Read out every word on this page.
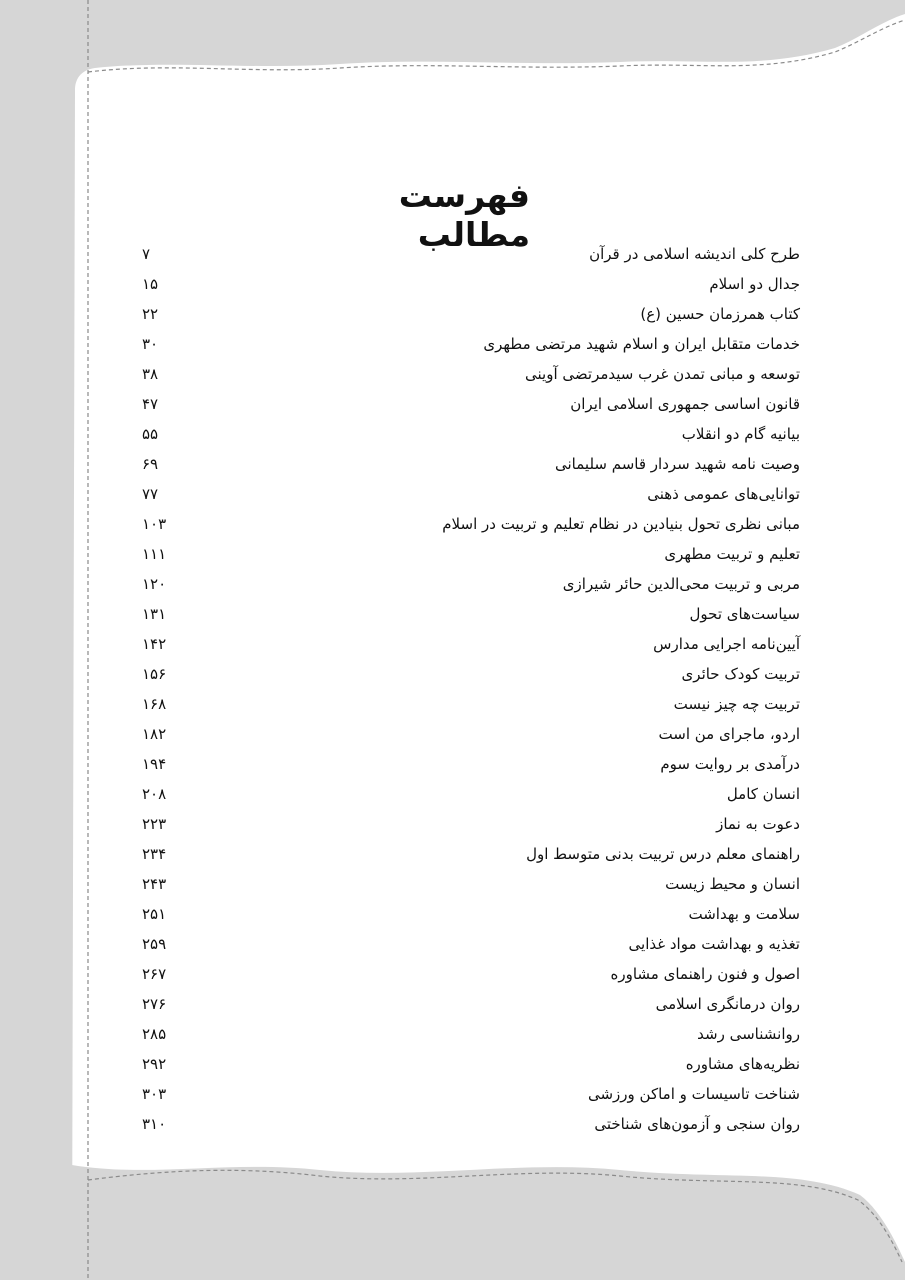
فهرست مطالب	طرح کلی اندیشه اسلامی در قرآن
۷
جدال دو اسلام
۱۵
کتاب همرزمان حسین (ع)
۲۲
خدمات متقابل ایران و اسلام شهید مرتضی مطهری
۳۰
توسعه و مبانی تمدن غرب سیدمرتضی آوینی
۳۸
قانون اساسی جمهوری اسلامی ایران
۴۷
بیانیه گام دو انقلاب
۵۵
وصیت نامه شهید سردار قاسم سلیمانی
۶۹
توانایی‌های عمومی ذهنی
۷۷
مبانی نظری تحول بنیادین در نظام تعلیم و تربیت در اسلام
۱۰۳
تعلیم و تربیت مطهری
۱۱۱
مربی و تربیت محی‌الدین حائر شیرازی
۱۲۰
سیاست‌های تحول
۱۳۱
آیین‌نامه اجرایی مدارس
۱۴۲
تربیت کودک حائری
۱۵۶
تربیت چه چیز نیست
۱۶۸
اردو، ماجرای من است
۱۸۲
درآمدی بر روایت سوم
۱۹۴
انسان کامل
۲۰۸
دعوت به نماز
۲۲۳
راهنمای معلم درس تربیت بدنی متوسط اول
۲۳۴
انسان و محیط زیست
۲۴۳
سلامت و بهداشت
۲۵۱
تغذیه و بهداشت مواد غذایی
۲۵۹
اصول و فنون راهنمای مشاوره
۲۶۷
روان درمانگری اسلامی
۲۷۶
روانشناسی رشد
۲۸۵
نظریه‌های مشاوره
۲۹۲
شناخت تاسیسات و اماکن ورزشی
۳۰۳
روان سنجی و آزمون‌های شناختی
۳۱۰
